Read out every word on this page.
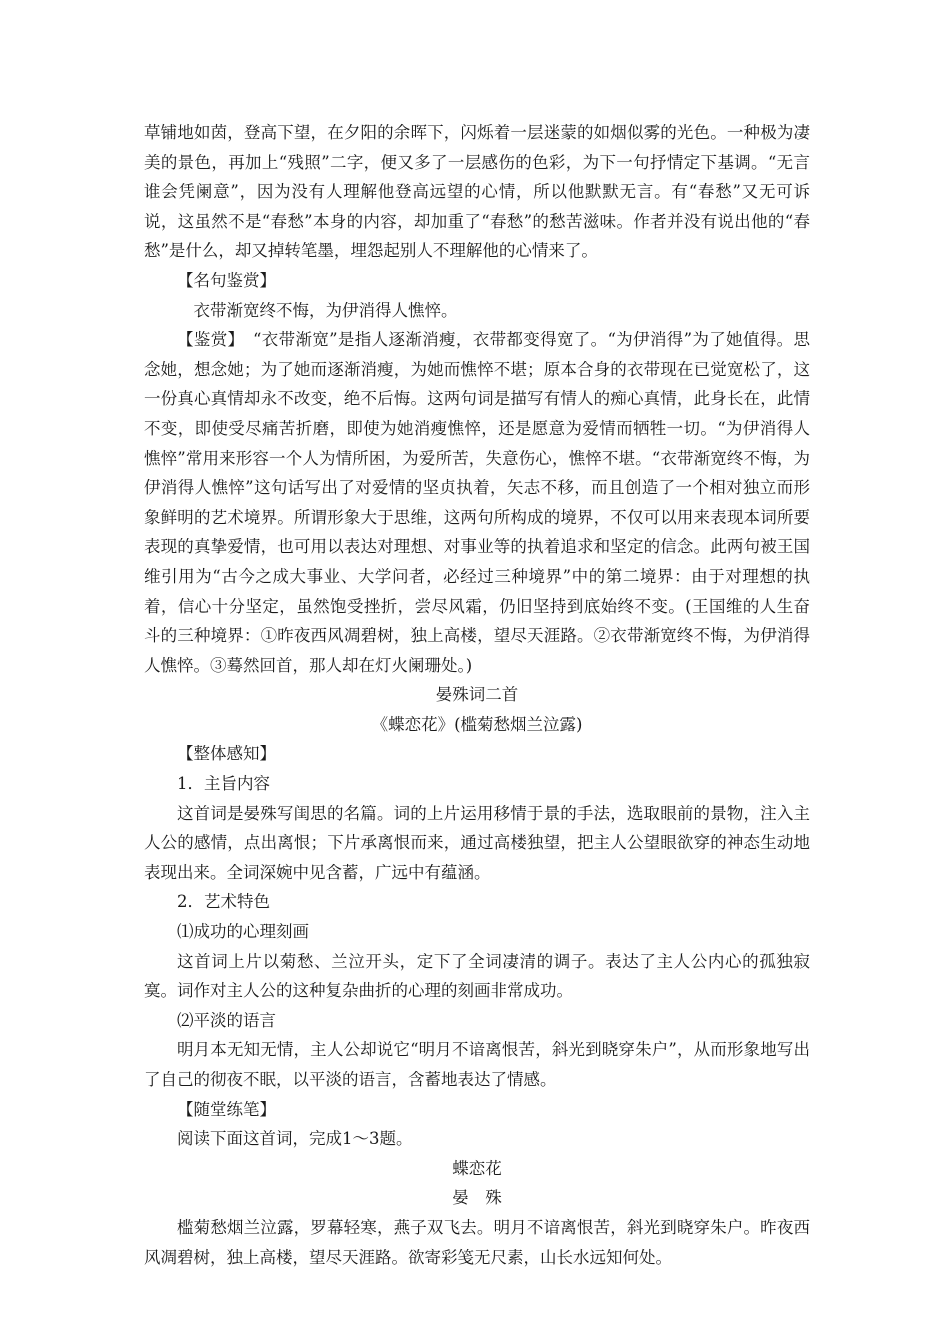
草铺地如茵，登高下望，在夕阳的余晖下，闪烁着一层迷蒙的如烟似雾的光色。一种极为凄美的景色，再加上“残照”二字，便又多了一层感伤的色彩，为下一句抒情定下基调。“无言谁会凭阑意”，因为没有人理解他登高远望的心情，所以他默默无言。有“春愁”又无可诉说，这虽然不是“春愁”本身的内容，却加重了“春愁”的愁苦滋味。作者并没有说出他的“春愁”是什么，却又掉转笔墨，埋怨起别人不理解他的心情来了。

【名句鉴赏】

衣带渐宽终不悔，为伊消得人憔悴。

【鉴赏】　 “衣带渐宽”是指人逐渐消瘦，衣带都变得宽了。“为伊消得”为了她值得。思念她，想念她；为了她而逐渐消瘦，为她而憔悴不堪；原本合身的衣带现在已觉宽松了，这一份真心真情却永不改变，绝不后悔。这两句词是描写有情人的痴心真情，此身长在，此情不变，即使受尽痛苦折磨，即使为她消瘦憔悴，还是愿意为爱情而牺牲一切。“为伊消得人憔悴”常用来形容一个人为情所困，为爱所苦，失意伤心，憔悴不堪。“衣带渐宽终不悔，为伊消得人憔悴”这句话写出了对爱情的坚贞执着，矢志不移，而且创造了一个相对独立而形象鲜明的艺术境界。所谓形象大于思维，这两句所构成的境界，不仅可以用来表现本词所要表现的真挚爱情，也可用以表达对理想、对事业等的执着追求和坚定的信念。此两句被王国维引用为“古今之成大事业、大学问者，必经过三种境界”中的第二境界：由于对理想的执着，信心十分坚定，虽然饱受挫折，尝尽风霜，仍旧坚持到底始终不变。(王国维的人生奋斗的三种境界：①昨夜西风凋碧树，独上高楼，望尽天涯路。②衣带渐宽终不悔，为伊消得人憔悴。③蓦然回首，那人却在灯火阑珊处。)

晏殊词二首

《蝶恋花》(槛菊愁烟兰泣露)

【整体感知】

1．主旨内容

这首词是晏殊写闺思的名篇。词的上片运用移情于景的手法，选取眼前的景物，注入主人公的感情，点出离恨；下片承离恨而来，通过高楼独望，把主人公望眼欲穿的神态生动地表现出来。全词深婉中见含蓄，广远中有蕴涵。

2．艺术特色

⑴成功的心理刻画

这首词上片以菊愁、兰泣开头，定下了全词凄清的调子。表达了主人公内心的孤独寂寞。词作对主人公的这种复杂曲折的心理的刻画非常成功。

⑵平淡的语言

明月本无知无情，主人公却说它“明月不谙离恨苦，斜光到晓穿朱户”，从而形象地写出了自己的彻夜不眠，以平淡的语言，含蓄地表达了情感。

【随堂练笔】

阅读下面这首词，完成1～3题。

蝶恋花

晏　殊

槛菊愁烟兰泣露，罗幕轻寒，燕子双飞去。明月不谙离恨苦，斜光到晓穿朱户。昨夜西风凋碧树，独上高楼，望尽天涯路。欲寄彩笺无尺素，山长水远知何处。
